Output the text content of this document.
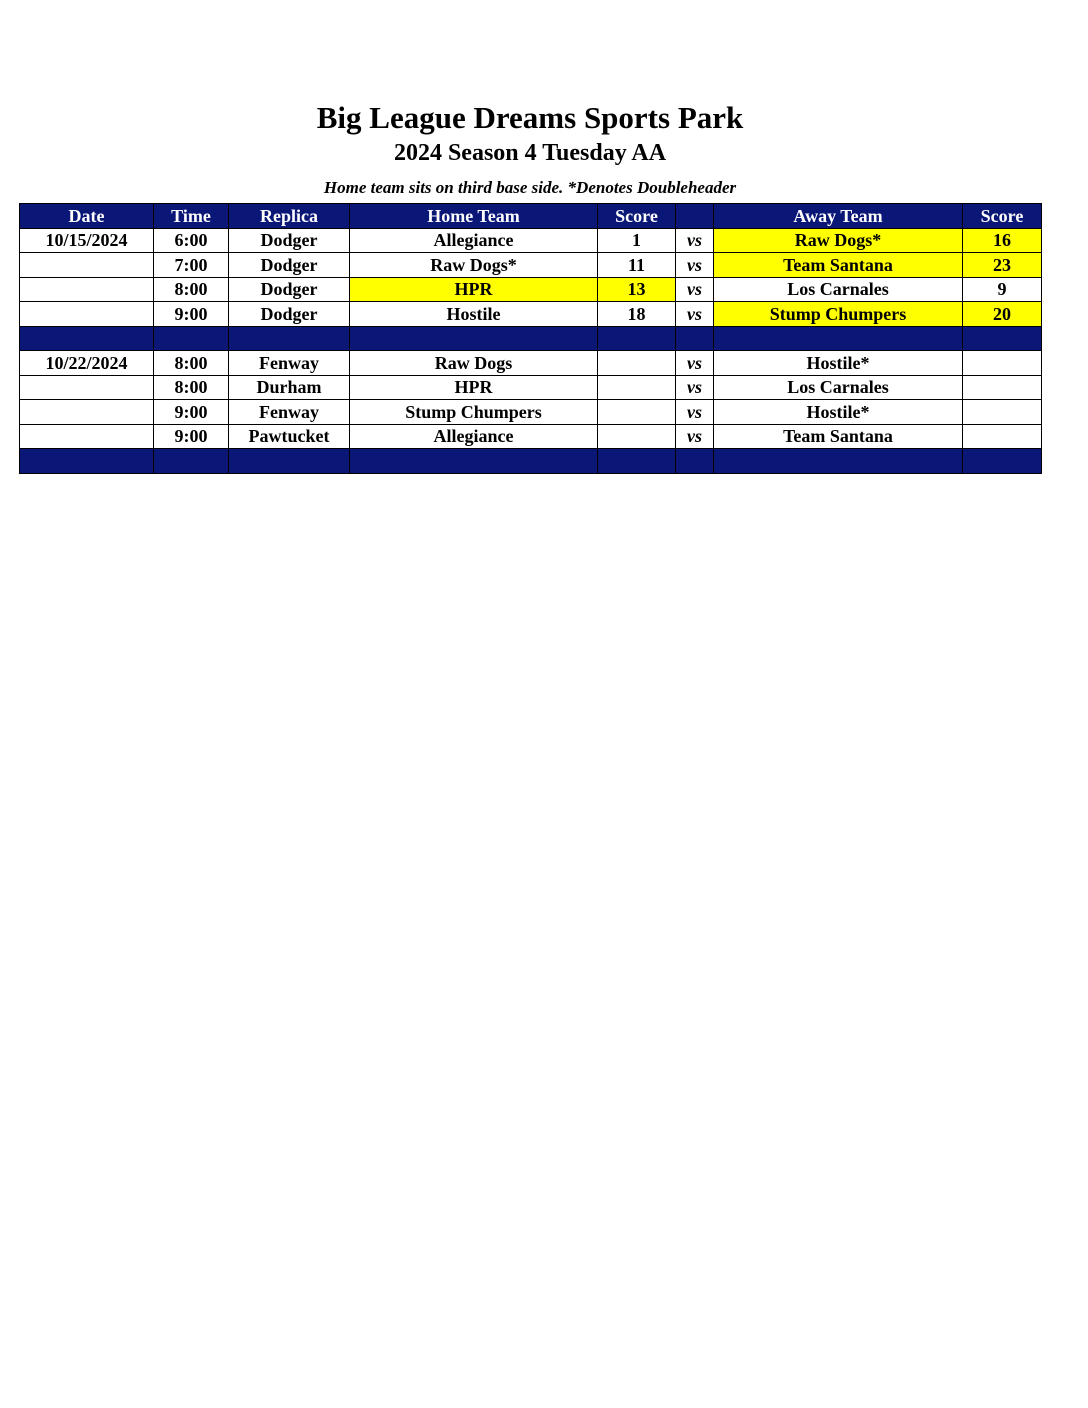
Big League Dreams Sports Park
2024 Season 4 Tuesday AA
Home team sits on third base side. *Denotes Doubleheader
Date	Time	Replica	Home Team	Score		Away Team	Score
10/15/2024	6:00	Dodger	Allegiance	1	vs	Raw Dogs*	16
	7:00	Dodger	Raw Dogs*	11	vs	Team Santana	23
	8:00	Dodger	HPR	13	vs	Los Carnales	9
	9:00	Dodger	Hostile	18	vs	Stump Chumpers	20

10/22/2024	8:00	Fenway	Raw Dogs		vs	Hostile*	
	8:00	Durham	HPR		vs	Los Carnales	
	9:00	Fenway	Stump Chumpers		vs	Hostile*	
	9:00	Pawtucket	Allegiance		vs	Team Santana	
